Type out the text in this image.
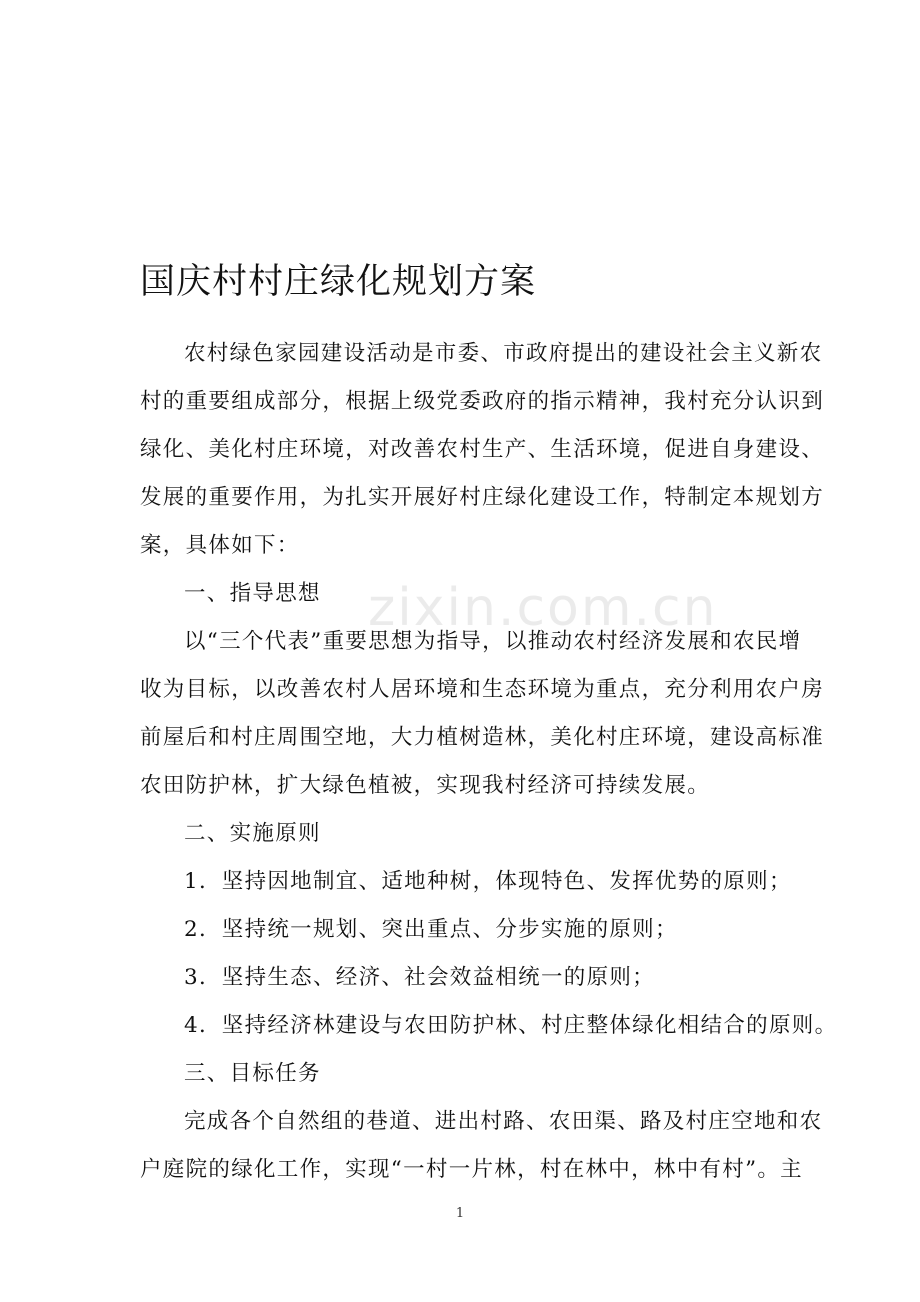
zixin.com.cn
国庆村村庄绿化规划方案
农村绿色家园建设活动是市委、市政府提出的建设社会主义新农
村的重要组成部分，根据上级党委政府的指示精神，我村充分认识到
绿化、美化村庄环境，对改善农村生产、生活环境，促进自身建设、
发展的重要作用，为扎实开展好村庄绿化建设工作，特制定本规划方
案，具体如下：
一、指导思想
以“三个代表”重要思想为指导，以推动农村经济发展和农民增
收为目标，以改善农村人居环境和生态环境为重点，充分利用农户房
前屋后和村庄周围空地，大力植树造林，美化村庄环境，建设高标准
农田防护林，扩大绿色植被，实现我村经济可持续发展。
二、实施原则
1．坚持因地制宜、适地种树，体现特色、发挥优势的原则；
2．坚持统一规划、突出重点、分步实施的原则；
3．坚持生态、经济、社会效益相统一的原则；
4．坚持经济林建设与农田防护林、村庄整体绿化相结合的原则。
三、目标任务
完成各个自然组的巷道、进出村路、农田渠、路及村庄空地和农
户庭院的绿化工作，实现“一村一片林，村在林中，林中有村”。主
1
